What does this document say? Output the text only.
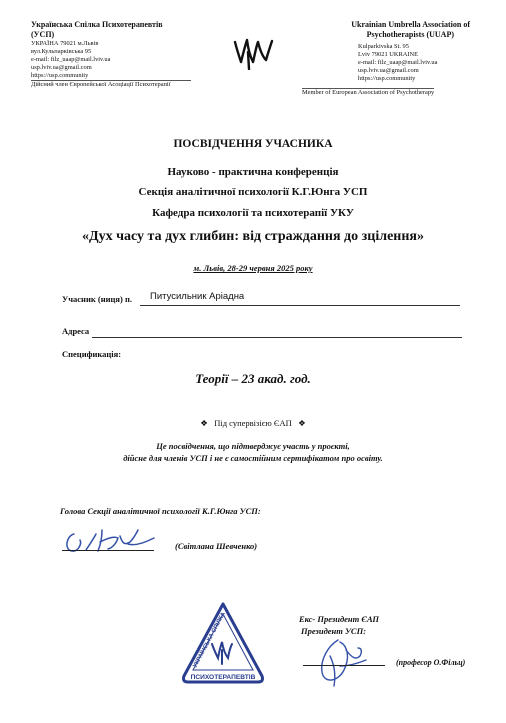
Українська Спілка Психотерапевтів
(УСП)
УКРАЇНА 79021 м.Львів
вул.Кульпарківська 95
e-mail: filz_uaap@mail.lviv.ua
usp.lviv.ua@gmail.com
https://usp.community
Дійсний член Європейської Асоціації Психотерапії
Ukrainian Umbrella Association of
Psychotherapists (UUAP)
Kulparkivska St. 95
Lviv 79021 UKRAINE
e-mail: filz_uaap@mail.lviv.ua
usp.lviv.ua@gmail.com
https://usp.community
Member of European Association of Psychotherapy
ПОСВІДЧЕННЯ УЧАСНИКА
Науково - практична конференція
Секція аналітичної психології К.Г.Юнга УСП
Кафедра психології та психотерапії УКУ
«Дух часу та дух глибин: від страждання до зцілення»
м. Львів, 28-29 червня 2025 року
Учасник (ниця) п. Питусильник Аріадна
Адреса
Спецификація:
Теорії – 23 акад. год.
❖ Під супервізією ЄАП ❖
Це посвідчення, що підтверджує участь у проєкті,
дійсне для членів УСП і не є самостійним сертифікатом про освіту.
Голова Секції аналітичної психології К.Г.Юнга УСП:
(Світлана Шевченко)
ПСИХОТЕРАПЕВТІВ
УКРАЇНСЬКА СПІЛКА	Екс- Президент ЄАП
Президент УСП:
(професор О.Фільц)
